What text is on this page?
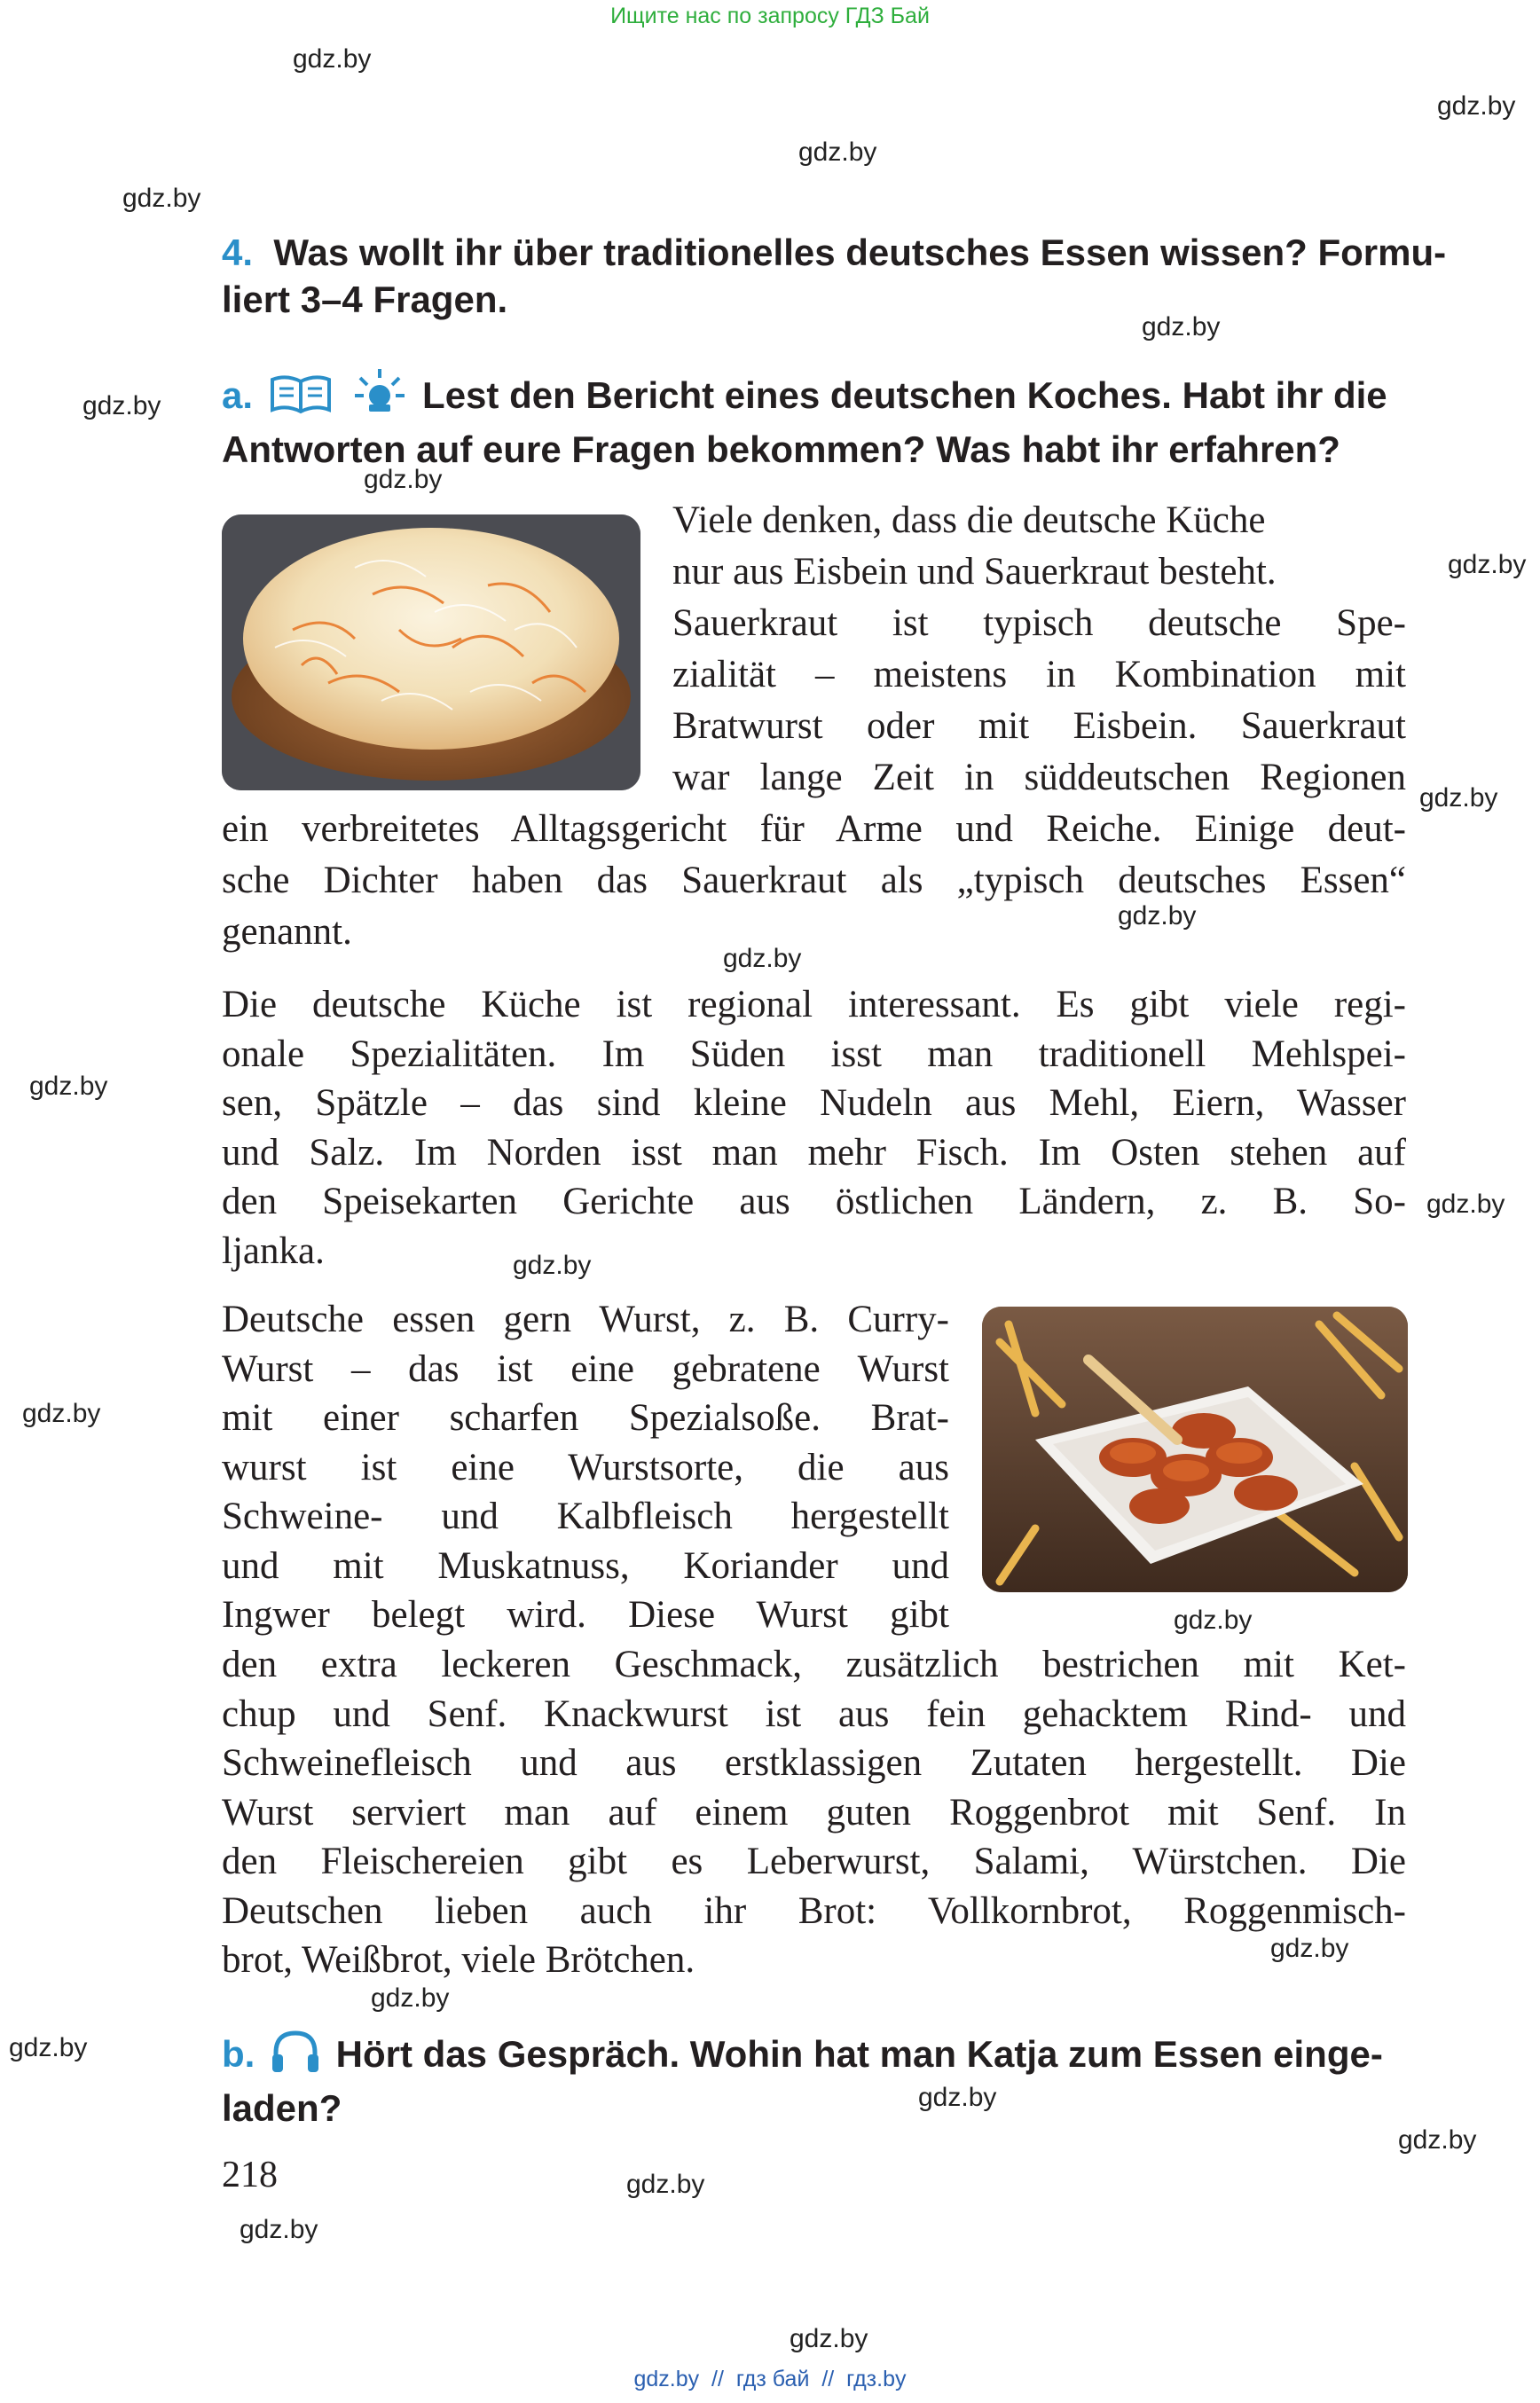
Ищите нас по запросу ГДЗ Бай
gdz.by
gdz.by
gdz.by
gdz.by
gdz.by
gdz.by
gdz.by
gdz.by
gdz.by
gdz.by
gdz.by
gdz.by
gdz.by
gdz.by
gdz.by
gdz.by
gdz.by
gdz.by
gdz.by
gdz.by
gdz.by
gdz.by
gdz.by
gdz.by
4. Was wollt ihr über traditionelles deutsches Essen wissen? Formu-
liert 3–4 Fragen.
a.	Lest den Bericht eines deutschen Koches. Habt ihr die
Antworten auf eure Fragen bekommen? Was habt ihr erfahren?
Viele denken, dass die deutsche Küche
nur aus Eisbein und Sauerkraut besteht.
Sauerkraut ist typisch deutsche Spe-
zialität – meistens in Kombination mit
Bratwurst oder mit Eisbein. Sauerkraut
war lange Zeit in süddeutschen Regionen
ein verbreitetes Alltagsgericht für Arme und Reiche. Einige deut-
sche Dichter haben das Sauerkraut als „typisch deutsches Essen“
genannt.
Die deutsche Küche ist regional interessant. Es gibt viele regi-
onale Spezialitäten. Im Süden isst man traditionell Mehlspei-
sen, Spätzle – das sind kleine Nudeln aus Mehl, Eiern, Wasser
und Salz. Im Norden isst man mehr Fisch. Im Osten stehen auf
den Speisekarten Gerichte aus östlichen Ländern, z. B. So-
ljanka.
Deutsche essen gern Wurst, z. B. Curry-
Wurst – das ist eine gebratene Wurst
mit einer scharfen Spezialsoße. Brat-
wurst ist eine Wurstsorte, die aus
Schweine- und Kalbfleisch hergestellt
und mit Muskatnuss, Koriander und
Ingwer belegt wird. Diese Wurst gibt
den extra leckeren Geschmack, zusätzlich bestrichen mit Ket-
chup und Senf. Knackwurst ist aus fein gehacktem Rind- und
Schweinefleisch und aus erstklassigen Zutaten hergestellt. Die
Wurst serviert man auf einem guten Roggenbrot mit Senf. In
den Fleischereien gibt es Leberwurst, Salami, Würstchen. Die
Deutschen lieben auch ihr Brot: Vollkornbrot, Roggenmisch-
brot, Weißbrot, viele Brötchen.
b. Hört das Gespräch. Wohin hat man Katja zum Essen einge-
laden?
218
gdz.by  //  гдз бай  //  гдз.by
